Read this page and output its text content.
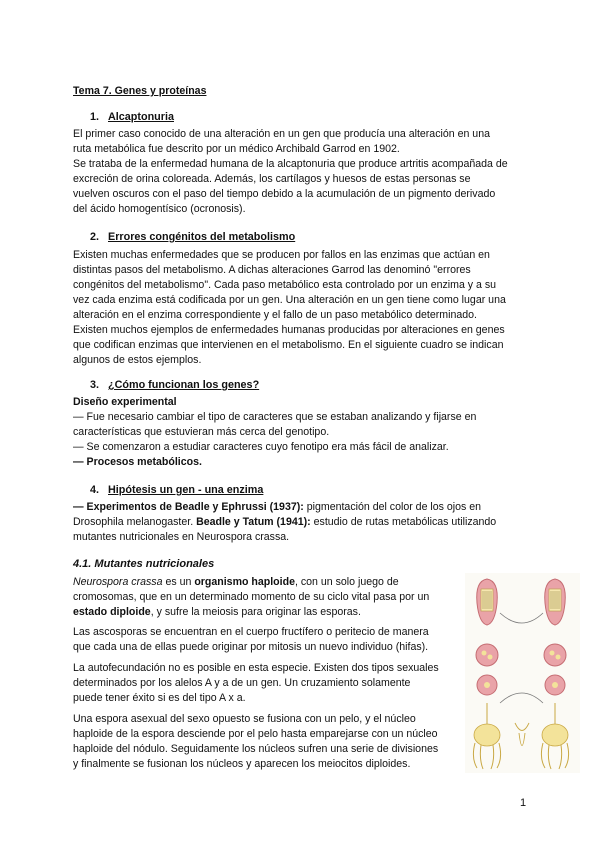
Tema 7. Genes y proteínas
1. Alcaptonuria
El primer caso conocido de una alteración en un gen que producía una alteración en una
ruta metabólica fue descrito por un médico Archibald Garrod en 1902.
Se trataba de la enfermedad humana de la alcaptonuria que produce artritis acompañada de
excreción de orina coloreada. Además, los cartílagos y huesos de estas personas se
vuelven oscuros con el paso del tiempo debido a la acumulación de un pigmento derivado
del ácido homogentísico (ocronosis).
2. Errores congénitos del metabolismo
Existen muchas enfermedades que se producen por fallos en las enzimas que actúan en
distintas pasos del metabolismo. A dichas alteraciones Garrod las denominó "errores
congénitos del metabolismo". Cada paso metabólico esta controlado por un enzima y a su
vez cada enzima está codificada por un gen. Una alteración en un gen tiene como lugar una
alteración en el enzima correspondiente y el fallo de un paso metabólico determinado.
Existen muchos ejemplos de enfermedades humanas producidas por alteraciones en genes
que codifican enzimas que intervienen en el metabolismo. En el siguiente cuadro se indican
algunos de estos ejemplos.
3. ¿Cómo funcionan los genes?
Diseño experimental
— Fue necesario cambiar el tipo de caracteres que se estaban analizando y fijarse en
características que estuvieran más cerca del genotipo.
— Se comenzaron a estudiar caracteres cuyo fenotipo era más fácil de analizar.
— Procesos metabólicos.
4. Hipótesis un gen - una enzima
— Experimentos de Beadle y Ephrussi (1937): pigmentación del color de los ojos en
Drosophila melanogaster. Beadle y Tatum (1941): estudio de rutas metabólicas utilizando
mutantes nutricionales en Neurospora crassa.
4.1. Mutantes nutricionales
Neurospora crassa es un organismo haploide, con un solo juego de
cromosomas, que en un determinado momento de su ciclo vital pasa por un
estado diploide, y sufre la meiosis para originar las esporas.
Las ascosporas se encuentran en el cuerpo fructífero o peritecio de manera
que cada una de ellas puede originar por mitosis un nuevo individuo (hifas).
La autofecundación no es posible en esta especie. Existen dos tipos sexuales
determinados por los alelos A y a de un gen. Un cruzamiento solamente
puede tener éxito si es del tipo A x a.
Una espora asexual del sexo opuesto se fusiona con un pelo, y el núcleo
haploide de la espora desciende por el pelo hasta emparejarse con un núcleo
haploide del nódulo. Seguidamente los núcleos sufren una serie de divisiones
y finalmente se fusionan los núcleos y aparecen los meiocitos diploides.
1
